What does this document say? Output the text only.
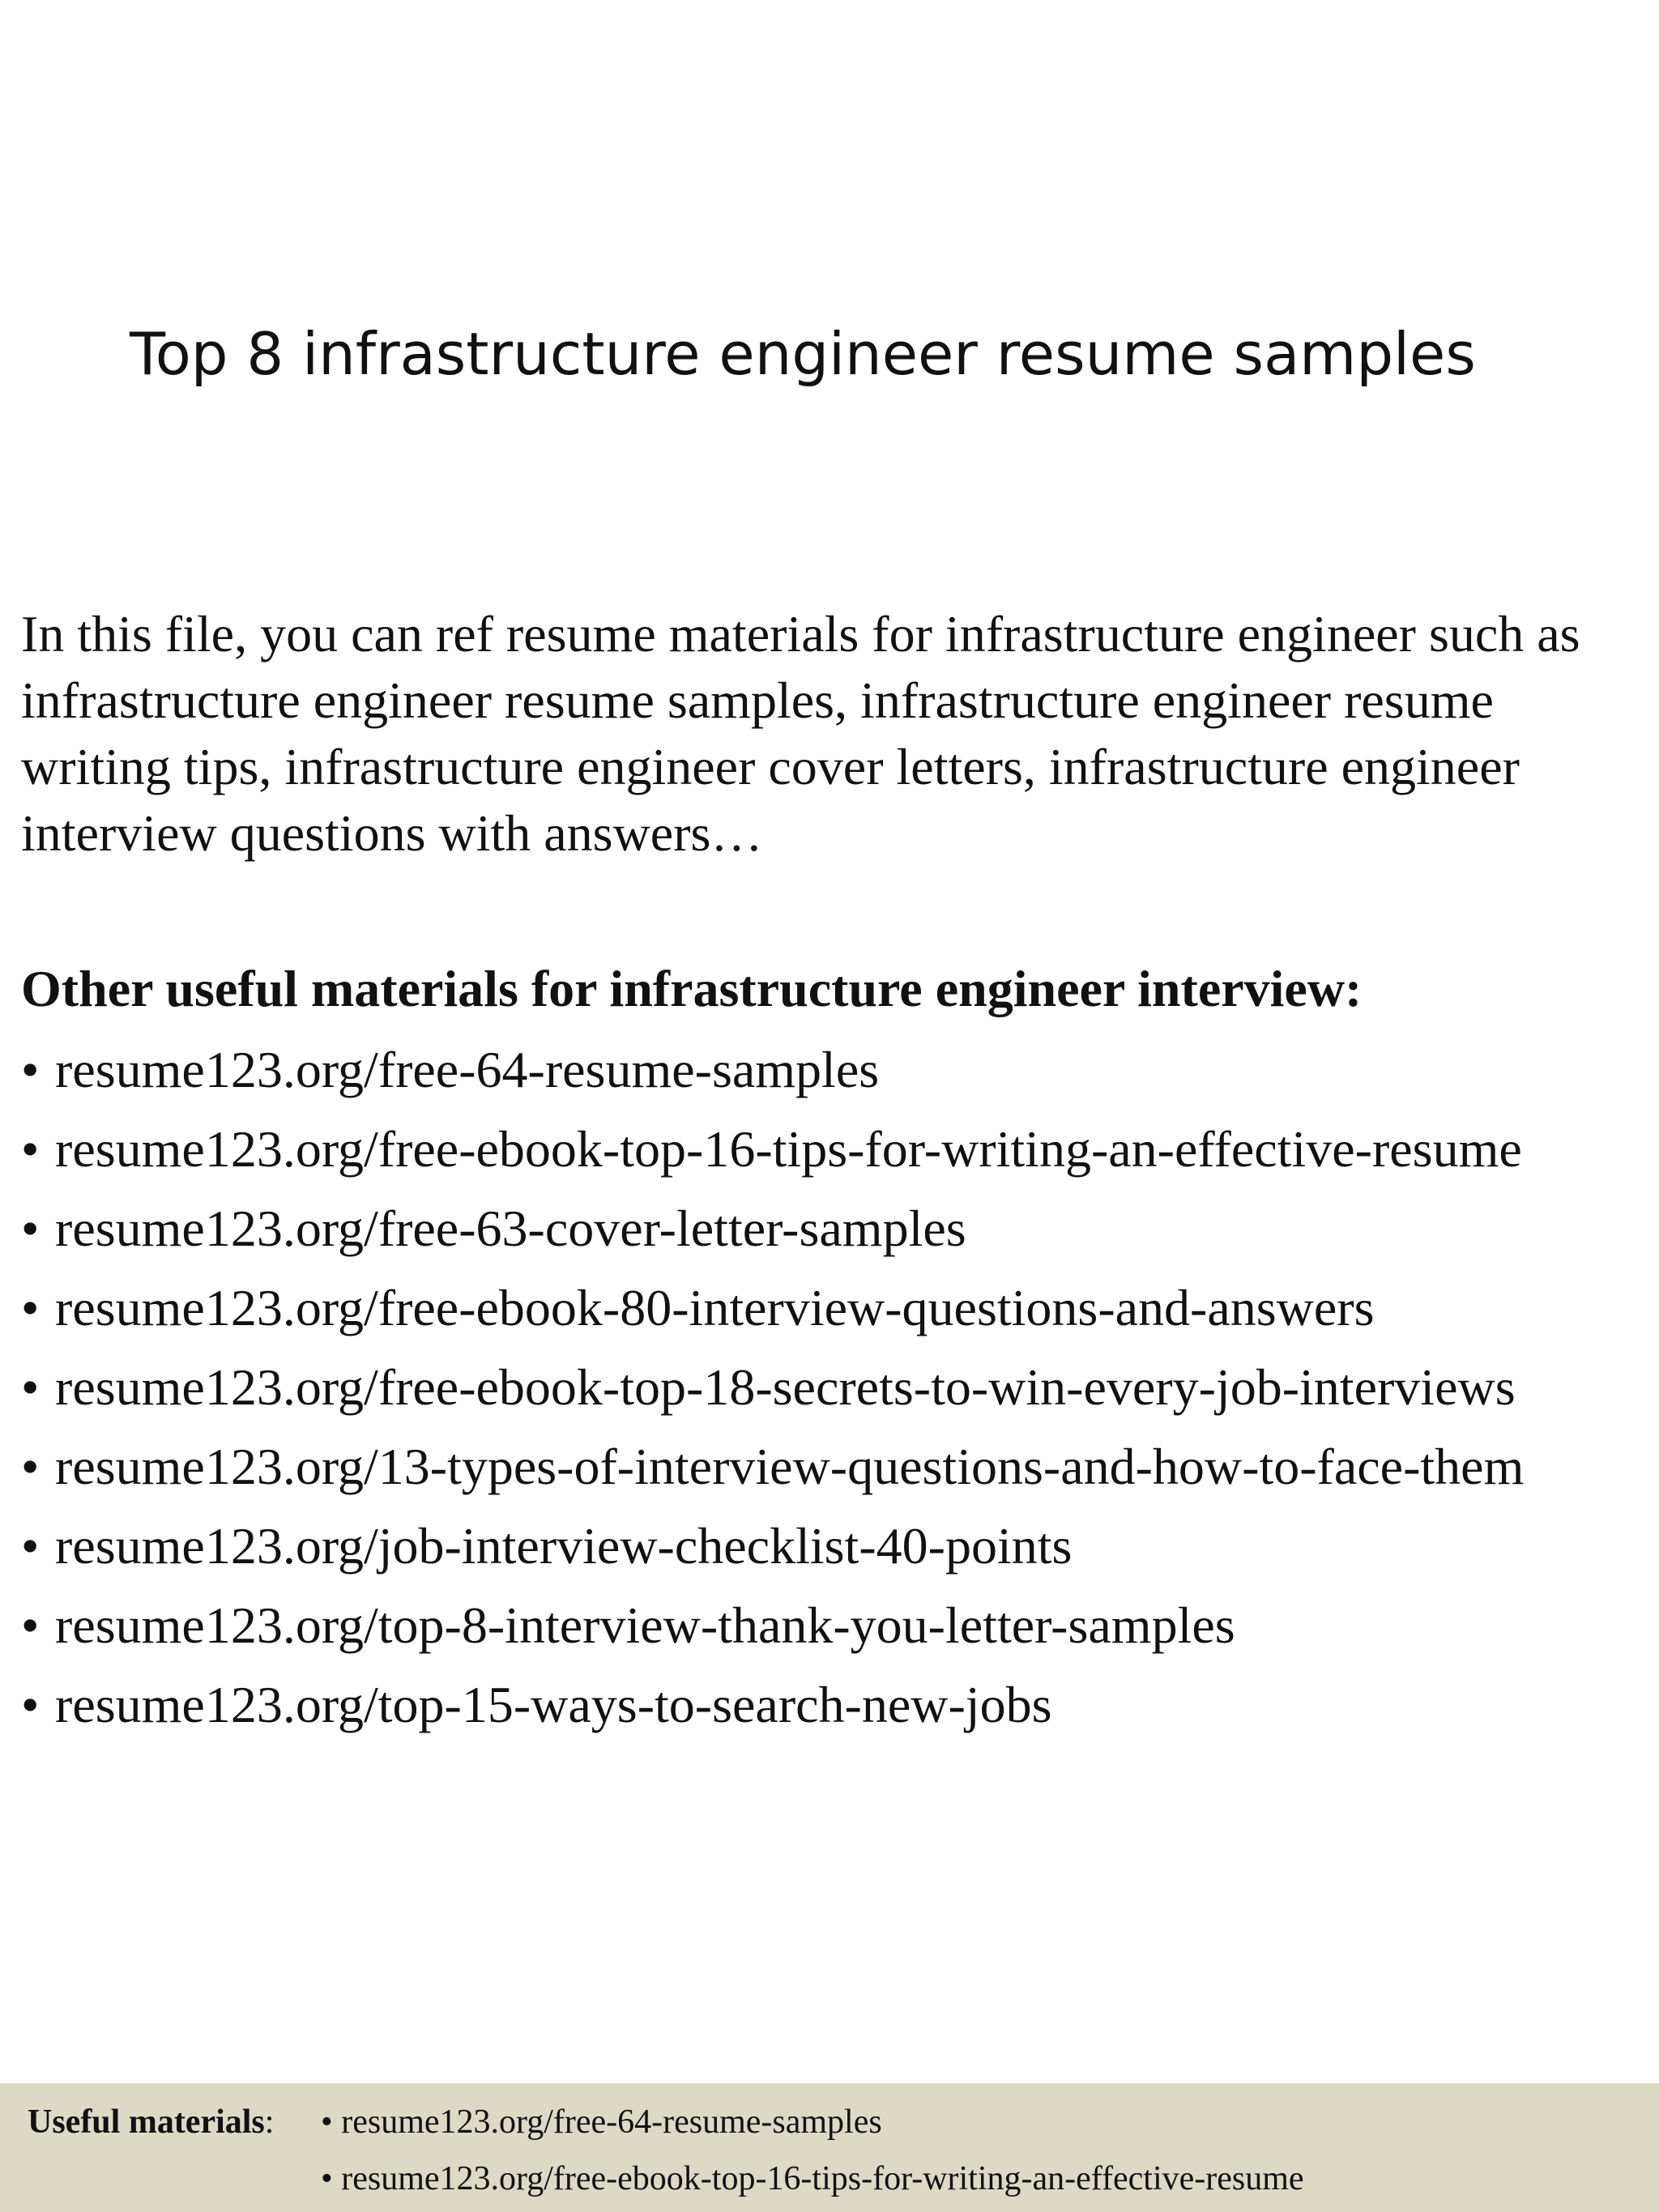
Top 8 infrastructure engineer resume samples

In this file, you can ref resume materials for infrastructure engineer such as infrastructure engineer resume samples, infrastructure engineer resume writing tips, infrastructure engineer cover letters, infrastructure engineer interview questions with answers…

Other useful materials for infrastructure engineer interview:
• resume123.org/free-64-resume-samples
• resume123.org/free-ebook-top-16-tips-for-writing-an-effective-resume
• resume123.org/free-63-cover-letter-samples
• resume123.org/free-ebook-80-interview-questions-and-answers
• resume123.org/free-ebook-top-18-secrets-to-win-every-job-interviews
• resume123.org/13-types-of-interview-questions-and-how-to-face-them
• resume123.org/job-interview-checklist-40-points
• resume123.org/top-8-interview-thank-you-letter-samples
• resume123.org/top-15-ways-to-search-new-jobs
Useful materials: • resume123.org/free-64-resume-samples
• resume123.org/free-ebook-top-16-tips-for-writing-an-effective-resume
